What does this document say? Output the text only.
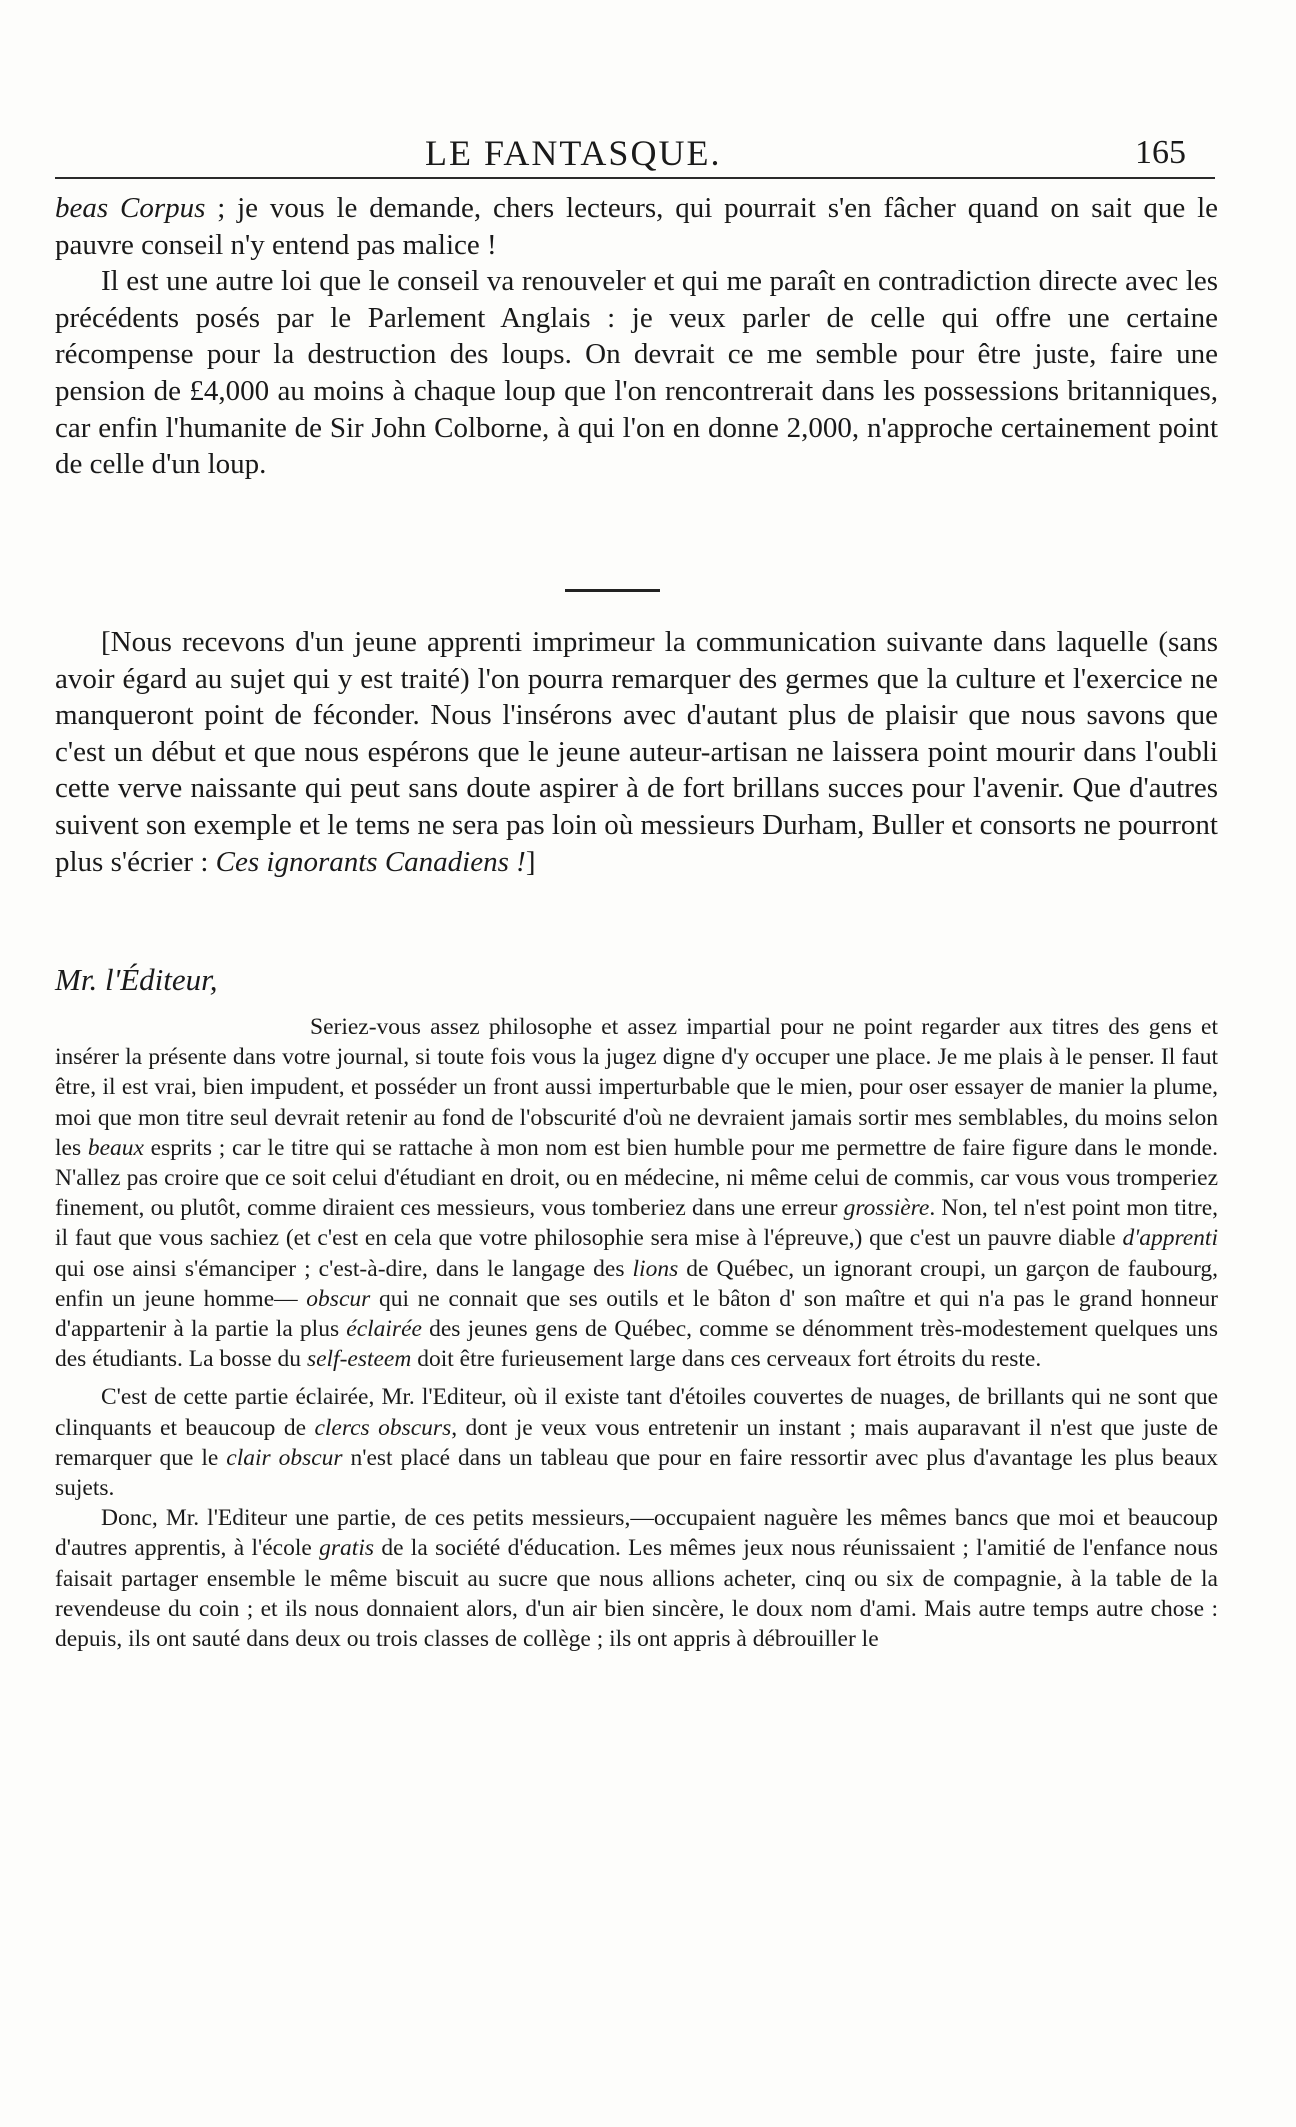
LE FANTASQUE.	165

beas Corpus ; je vous le demande, chers lecteurs, qui pourrait s'en fâcher quand on sait que le pauvre conseil n'y entend pas malice !

Il est une autre loi que le conseil va renouveler et qui me paraît en contradiction directe avec les précédents posés par le Parlement Anglais : je veux parler de celle qui offre une certaine récompense pour la destruction des loups. On devrait ce me semble pour être juste, faire une pension de £4,000 au moins à chaque loup que l'on rencontrerait dans les possessions britanniques, car enfin l'humanite de Sir John Colborne, à qui l'on en donne 2,000, n'approche certainement point de celle d'un loup.

[Nous recevons d'un jeune apprenti imprimeur la communication suivante dans laquelle (sans avoir égard au sujet qui y est traité) l'on pourra remarquer des germes que la culture et l'exercice ne manqueront point de féconder. Nous l'insérons avec d'autant plus de plaisir que nous savons que c'est un début et que nous espérons que le jeune auteur-artisan ne laissera point mourir dans l'oubli cette verve naissante qui peut sans doute aspirer à de fort brillans succes pour l'avenir. Que d'autres suivent son exemple et le tems ne sera pas loin où messieurs Durham, Buller et consorts ne pourront plus s'écrier : Ces ignorants Canadiens !]

Mr. l'Éditeur,

Seriez-vous assez philosophe et assez impartial pour ne point regarder aux titres des gens et insérer la présente dans votre journal, si toute fois vous la jugez digne d'y occuper une place. Je me plais à le penser. Il faut être, il est vrai, bien impudent, et posséder un front aussi imperturbable que le mien, pour oser essayer de manier la plume, moi que mon titre seul devrait retenir au fond de l'obscurité d'où ne devraient jamais sortir mes semblables, du moins selon les beaux esprits ; car le titre qui se rattache à mon nom est bien humble pour me permettre de faire figure dans le monde. N'allez pas croire que ce soit celui d'étudiant en droit, ou en médecine, ni même celui de commis, car vous vous tromperiez finement, ou plutôt, comme diraient ces messieurs, vous tomberiez dans une erreur grossière. Non, tel n'est point mon titre, il faut que vous sachiez (et c'est en cela que votre philosophie sera mise à l'épreuve,) que c'est un pauvre diable d'apprenti qui ose ainsi s'émanciper ; c'est-à-dire, dans le langage des lions de Québec, un ignorant croupi, un garçon de faubourg, enfin un jeune homme— obscur qui ne connait que ses outils et le bâton d' son maître et qui n'a pas le grand honneur d'appartenir à la partie la plus éclairée des jeunes gens de Québec, comme se dénomment très-modestement quelques uns des étudiants. La bosse du self-esteem doit être furieusement large dans ces cerveaux fort étroits du reste.

C'est de cette partie éclairée, Mr. l'Editeur, où il existe tant d'étoiles couvertes de nuages, de brillants qui ne sont que clinquants et beaucoup de clercs obscurs, dont je veux vous entretenir un instant ; mais auparavant il n'est que juste de remarquer que le clair obscur n'est placé dans un tableau que pour en faire ressortir avec plus d'avantage les plus beaux sujets.

Donc, Mr. l'Editeur une partie, de ces petits messieurs,—occupaient naguère les mêmes bancs que moi et beaucoup d'autres apprentis, à l'école gratis de la société d'éducation. Les mêmes jeux nous réunissaient ; l'amitié de l'enfance nous faisait partager ensemble le même biscuit au sucre que nous allions acheter, cinq ou six de compagnie, à la table de la revendeuse du coin ; et ils nous donnaient alors, d'un air bien sincère, le doux nom d'ami. Mais autre temps autre chose : depuis, ils ont sauté dans deux ou trois classes de collège ; ils ont appris à débrouiller le
